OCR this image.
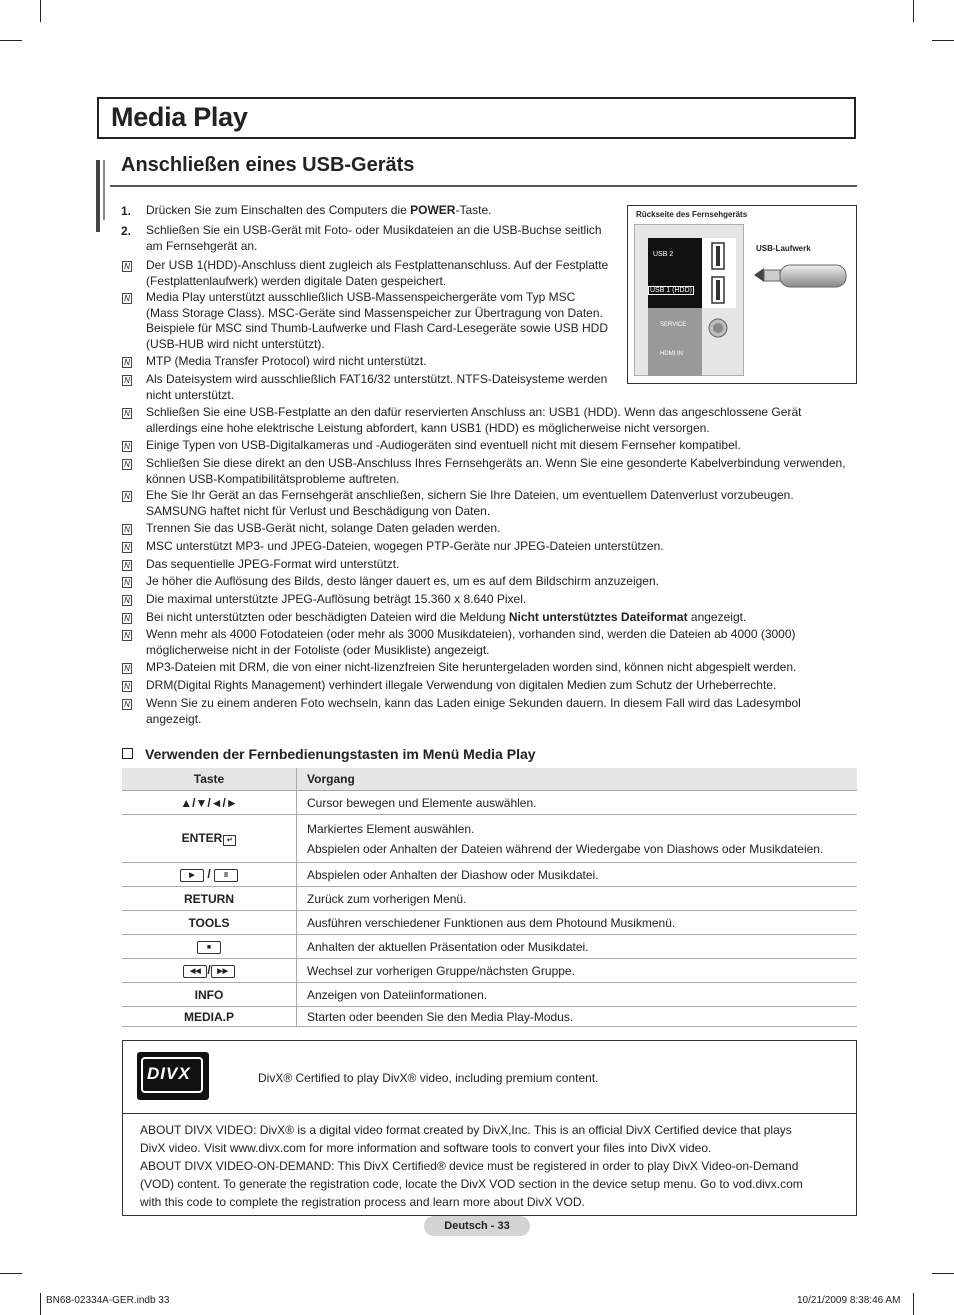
Media Play
Anschließen eines USB-Geräts
1. Drücken Sie zum Einschalten des Computers die POWER-Taste.
2. Schließen Sie ein USB-Gerät mit Foto- oder Musikdateien an die USB-Buchse seitlich
am Fernsehgerät an.
N
Der USB 1(HDD)-Anschluss dient zugleich als Festplattenanschluss. Auf der Festplatte
(Festplattenlaufwerk) werden digitale Daten gespeichert.
N
Media Play unterstützt ausschließlich USB-Massenspeichergeräte vom Typ MSC
(Mass Storage Class). MSC-Geräte sind Massenspeicher zur Übertragung von Daten.
Beispiele für MSC sind Thumb-Laufwerke und Flash Card-Lesegeräte sowie USB HDD
(USB-HUB wird nicht unterstützt).
N
MTP (Media Transfer Protocol) wird nicht unterstützt.
N
Als Dateisystem wird ausschließlich FAT16/32 unterstützt. NTFS-Dateisysteme werden
nicht unterstützt.
N
Schließen Sie eine USB-Festplatte an den dafür reservierten Anschluss an: USB1 (HDD). Wenn das angeschlossene Gerät
allerdings eine hohe elektrische Leistung abfordert, kann USB1 (HDD) es möglicherweise nicht versorgen.
N
Einige Typen von USB-Digitalkameras und -Audiogeräten sind eventuell nicht mit diesem Fernseher kompatibel.
N
Schließen Sie diese direkt an den USB-Anschluss Ihres Fernsehgeräts an. Wenn Sie eine gesonderte Kabelverbindung verwenden,
können USB-Kompatibilitätsprobleme auftreten.
N
Ehe Sie Ihr Gerät an das Fernsehgerät anschließen, sichern Sie Ihre Dateien, um eventuellem Datenverlust vorzubeugen.
SAMSUNG haftet nicht für Verlust und Beschädigung von Daten.
N
Trennen Sie das USB-Gerät nicht, solange Daten geladen werden.
N
MSC unterstützt MP3- und JPEG-Dateien, wogegen PTP-Geräte nur JPEG-Dateien unterstützen.
N
Das sequentielle JPEG-Format wird unterstützt.
N
Je höher die Auflösung des Bilds, desto länger dauert es, um es auf dem Bildschirm anzuzeigen.
N
Die maximal unterstützte JPEG-Auflösung beträgt 15.360 x 8.640 Pixel.
N
Bei nicht unterstützten oder beschädigten Dateien wird die Meldung Nicht unterstütztes Dateiformat angezeigt.
N
Wenn mehr als 4000 Fotodateien (oder mehr als 3000 Musikdateien), vorhanden sind, werden die Dateien ab 4000 (3000)
möglicherweise nicht in der Fotoliste (oder Musikliste) angezeigt.
N
MP3-Dateien mit DRM, die von einer nicht-lizenzfreien Site heruntergeladen worden sind, können nicht abgespielt werden.
N
DRM(Digital Rights Management) verhindert illegale Verwendung von digitalen Medien zum Schutz der Urheberrechte.
N
Wenn Sie zu einem anderen Foto wechseln, kann das Laden einige Sekunden dauern. In diesem Fall wird das Ladesymbol
angezeigt.
Rückseite des Fernsehgeräts
USB 2
USB 1 (HDD)
SERVICE
HDMI IN
USB-Laufwerk
Verwenden der Fernbedienungstasten im Menü Media Play
Taste	Vorgang
▲/▼/◄/►	Cursor bewegen und Elemente auswählen.
ENTER ↵	Markiertes Element auswählen.
Abspielen oder Anhalten der Dateien während der Wiedergabe von Diashows oder Musikdateien.

▶ / II	Abspielen oder Anhalten der Diashow oder Musikdatei.
RETURN	Zurück zum vorherigen Menü.
TOOLS	Ausführen verschiedener Funktionen aus dem Photound Musikmenü.
■	Anhalten der aktuellen Präsentation oder Musikdatei.
◀◀ / ▶▶	Wechsel zur vorherigen Gruppe/nächsten Gruppe.
INFO	Anzeigen von Dateiinformationen.
MEDIA.P	Starten oder beenden Sie den Media Play-Modus.
DIVX	DivX® Certified to play DivX® video, including premium content.
ABOUT DIVX VIDEO: DivX® is a digital video format created by DivX,Inc. This is an official DivX Certified device that plays
DivX video. Visit www.divx.com for more information and software tools to convert your files into DivX video.
ABOUT DIVX VIDEO-ON-DEMAND: This DivX Certified® device must be registered in order to play DivX Video-on-Demand
(VOD) content. To generate the registration code, locate the DivX VOD section in the device setup menu. Go to vod.divx.com
with this code to complete the registration process and learn more about DivX VOD.
Deutsch - 33
BN68-02334A-GER.indb 33	10/21/2009 8:38:46 AM
